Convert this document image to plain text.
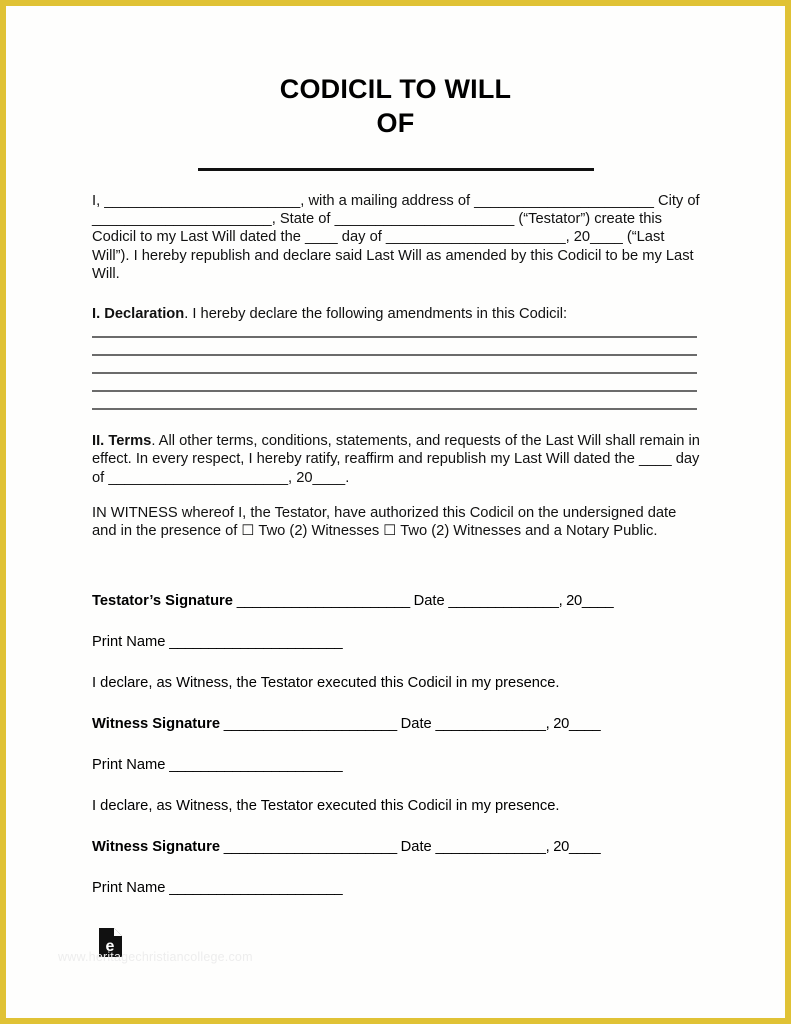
CODICIL TO WILL
OF

I, ________________________, with a mailing address of ______________________ City of ______________________, State of ______________________ (“Testator”) create this Codicil to my Last Will dated the ____ day of ______________________, 20____ (“Last Will”). I hereby republish and declare said Last Will as amended by this Codicil to be my Last Will.

I. Declaration. I hereby declare the following amendments in this Codicil:

II. Terms. All other terms, conditions, statements, and requests of the Last Will shall remain in effect. In every respect, I hereby ratify, reaffirm and republish my Last Will dated the ____ day of ______________________, 20____.

IN WITNESS whereof I, the Testator, have authorized this Codicil on the undersigned date and in the presence of ☐ Two (2) Witnesses ☐ Two (2) Witnesses and a Notary Public.

Testator’s Signature ______________________ Date ______________, 20____
Print Name ______________________
I declare, as Witness, the Testator executed this Codicil in my presence.
Witness Signature ______________________ Date ______________, 20____
Print Name ______________________
I declare, as Witness, the Testator executed this Codicil in my presence.
Witness Signature ______________________ Date ______________, 20____
Print Name ______________________
e
www.heritagechristiancollege.com
